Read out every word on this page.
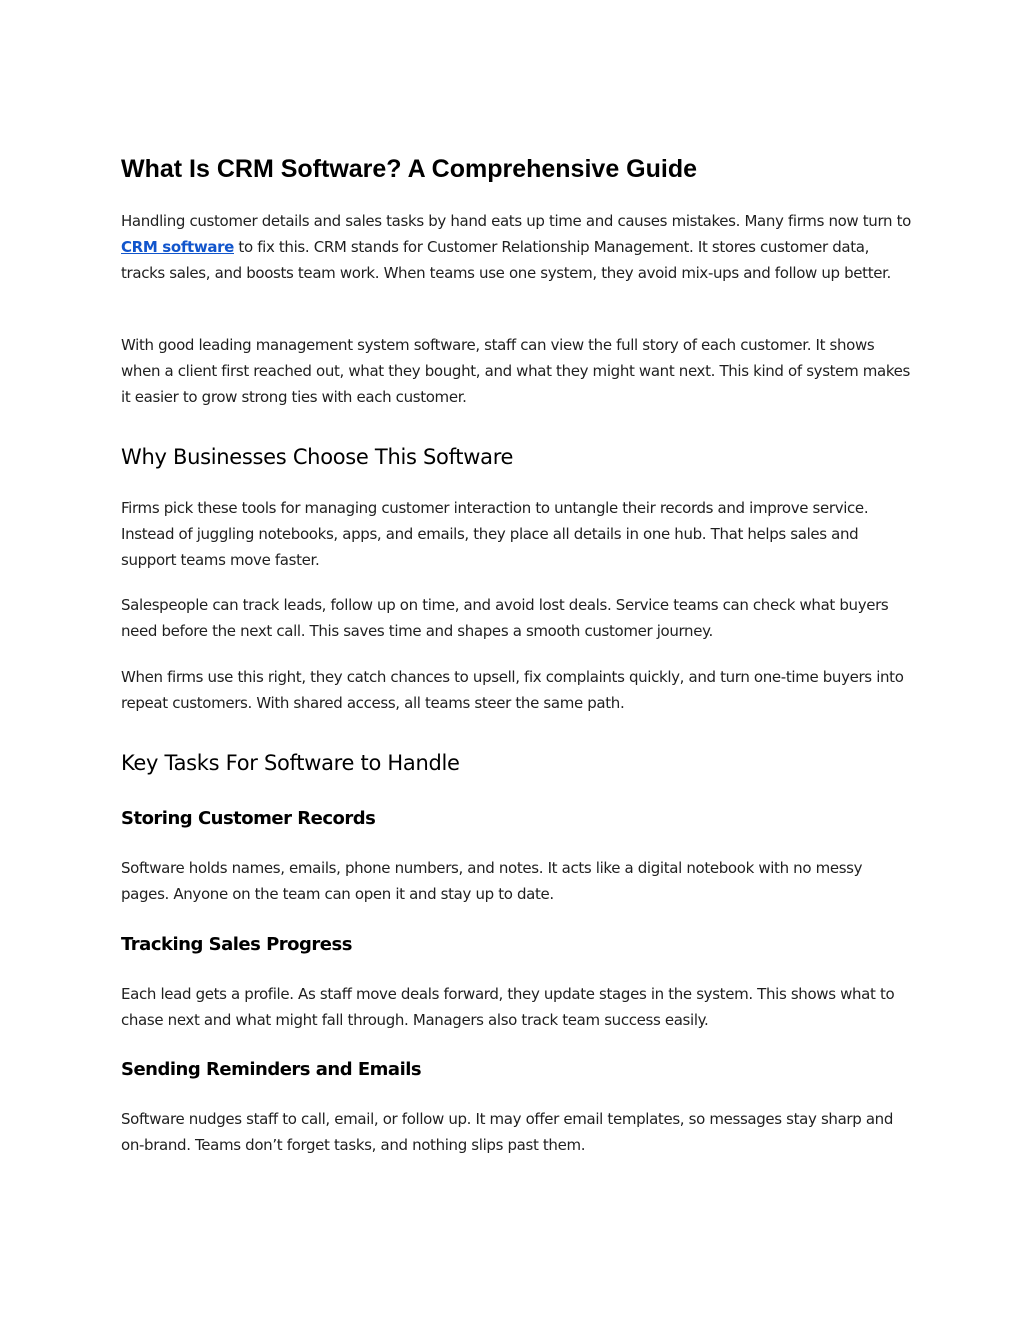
What Is CRM Software? A Comprehensive Guide

Handling customer details and sales tasks by hand eats up time and causes mistakes. Many firms now turn to CRM software to fix this. CRM stands for Customer Relationship Management. It stores customer data, tracks sales, and boosts team work. When teams use one system, they avoid mix-ups and follow up better.

With good leading management system software, staff can view the full story of each customer. It shows when a client first reached out, what they bought, and what they might want next. This kind of system makes it easier to grow strong ties with each customer.

Why Businesses Choose This Software

Firms pick these tools for managing customer interaction to untangle their records and improve service. Instead of juggling notebooks, apps, and emails, they place all details in one hub. That helps sales and support teams move faster.

Salespeople can track leads, follow up on time, and avoid lost deals. Service teams can check what buyers need before the next call. This saves time and shapes a smooth customer journey.

When firms use this right, they catch chances to upsell, fix complaints quickly, and turn one-time buyers into repeat customers. With shared access, all teams steer the same path.

Key Tasks For Software to Handle
Storing Customer Records

Software holds names, emails, phone numbers, and notes. It acts like a digital notebook with no messy pages. Anyone on the team can open it and stay up to date.

Tracking Sales Progress

Each lead gets a profile. As staff move deals forward, they update stages in the system. This shows what to chase next and what might fall through. Managers also track team success easily.

Sending Reminders and Emails

Software nudges staff to call, email, or follow up. It may offer email templates, so messages stay sharp and on-brand. Teams don’t forget tasks, and nothing slips past them.
